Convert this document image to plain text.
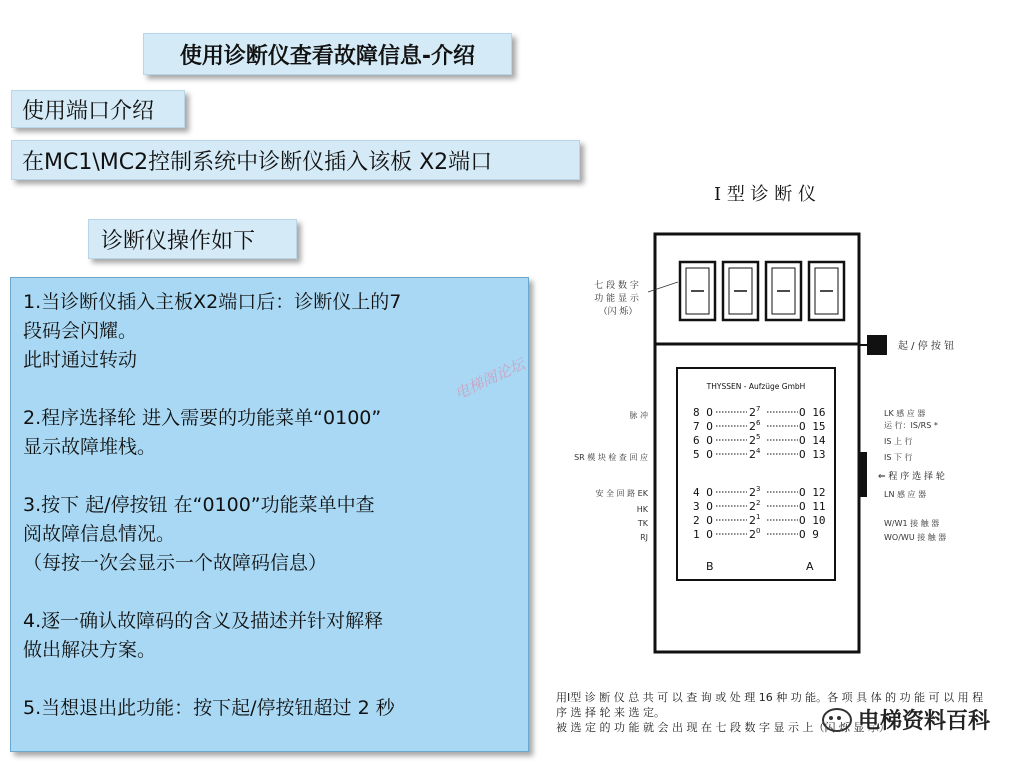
使用诊断仪查看故障信息-介绍
使用端口介绍
在MC1\MC2控制系统中诊断仪插入该板 X2端口
诊断仪操作如下

1.当诊断仪插入主板X2端口后：诊断仪上的7
段码会闪耀。
此时通过转动

2.程序选择轮 进入需要的功能菜单“0100”
显示故障堆栈。

3.按下 起/停按钮 在“0100”功能菜单中查
阅故障信息情况。
（每按一次会显示一个故障码信息）

4.逐一确认故障码的含义及描述并针对解释
做出解决方案。

5.当想退出此功能：按下起/停按钮超过 2 秒

电梯阁论坛
I 型 诊 断 仪
七 段 数 字 功 能 显 示 （闪 烁）
起 / 停 按 钮
THYSSEN - Aufzüge GmbH
8 O	$2^7$	O 16
7 O	$2^6$	O 15
6 O	$2^5$	O 14
5 O	$2^4$	O 13
4 O	$2^3$	O 12
3 O	$2^2$	O 11
2 O	$2^1$	O 10
1 O	$2^0$	O 9
B	A
脉 冲
SR 模 块 检 查 回 应
安 全 回 路 EK
HK
TK
RJ
LK 感 应 器
运 行：IS/RS *
IS 上 行
IS 下 行
⇐ 程 序 选 择 轮
LN 感 应 器
W/W1 接 触 器
WO/WU 接 触 器
用I型 诊 断 仪 总 共 可 以 查 询 或 处 理 16 种 功 能。各 项 具 体 的 功 能 可 以 用 程
序 选 择 轮 来 选 定。
被 选 定 的 功 能 就 会 出 现 在 七 段 数 字 显 示 上（闪 烁 显 示）
电梯资料百科
